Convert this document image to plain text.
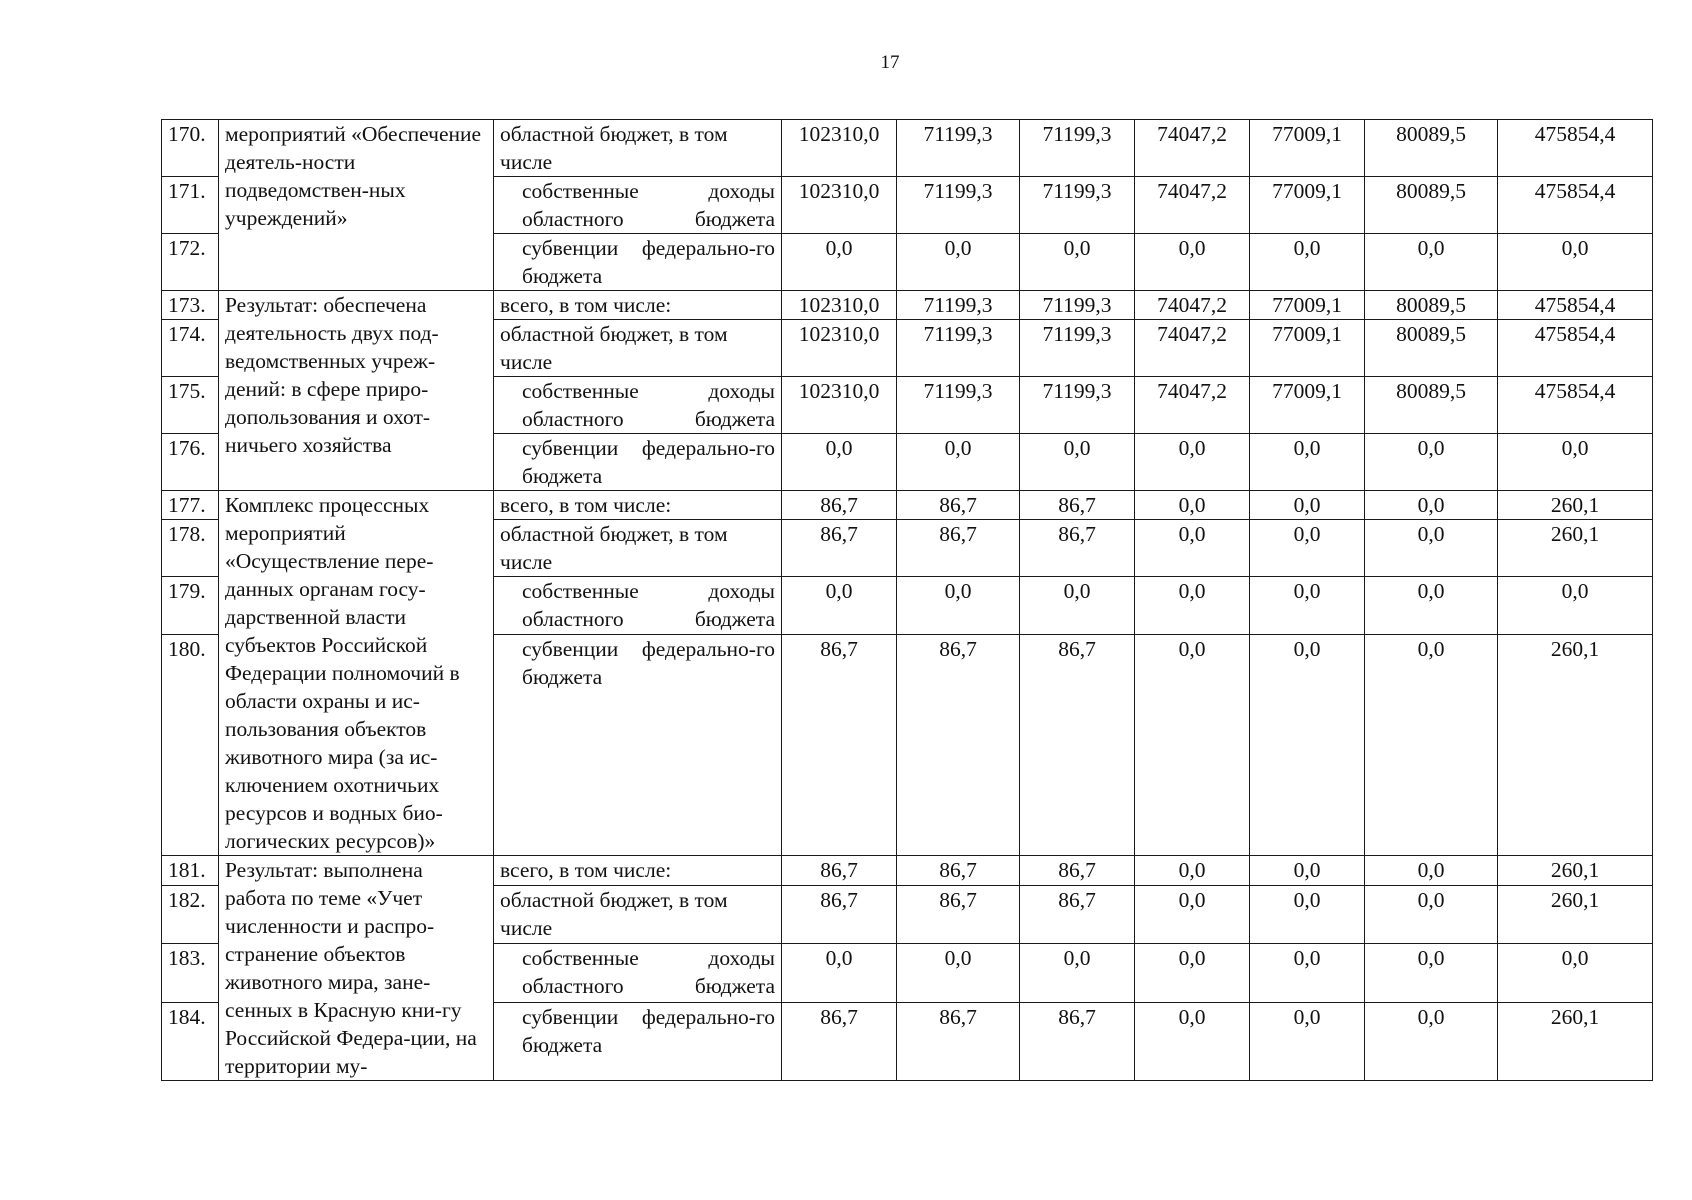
17
170.	мероприятий «Обеспечение деятель-ности подведомствен-ных учреждений»	областной бюджет, в том числе	102310,0	71199,3	71199,3	74047,2	77009,1	80089,5	475854,4
171.		собственные доходы областного бюджета	102310,0	71199,3	71199,3	74047,2	77009,1	80089,5	475854,4
172.		субвенции федерально-го бюджета	0,0	0,0	0,0	0,0	0,0	0,0	0,0
173.	Результат: обеспечена деятельность двух под-ведомственных учреж-дений: в сфере приро-допользования и охот-ничьего хозяйства	всего, в том числе:	102310,0	71199,3	71199,3	74047,2	77009,1	80089,5	475854,4
174.		областной бюджет, в том числе	102310,0	71199,3	71199,3	74047,2	77009,1	80089,5	475854,4
175.		собственные доходы областного бюджета	102310,0	71199,3	71199,3	74047,2	77009,1	80089,5	475854,4
176.		субвенции федерально-го бюджета	0,0	0,0	0,0	0,0	0,0	0,0	0,0
177.	Комплекс процессных мероприятий «Осуществление пере-данных органам госу-дарственной власти субъектов Российской Федерации полномочий в области охраны и ис-пользования объектов животного мира (за ис-ключением охотничьих ресурсов и водных био-логических ресурсов)»	всего, в том числе:	86,7	86,7	86,7	0,0	0,0	0,0	260,1
178.		областной бюджет, в том числе	86,7	86,7	86,7	0,0	0,0	0,0	260,1
179.		собственные доходы областного бюджета	0,0	0,0	0,0	0,0	0,0	0,0	0,0
180.		субвенции федерально-го бюджета	86,7	86,7	86,7	0,0	0,0	0,0	260,1
181.	Результат: выполнена работа по теме «Учет численности и распро-странение объектов животного мира, зане-сенных в Красную кни-гу Российской Федера-ции, на территории му-	всего, в том числе:	86,7	86,7	86,7	0,0	0,0	0,0	260,1
182.		областной бюджет, в том числе	86,7	86,7	86,7	0,0	0,0	0,0	260,1
183.		собственные доходы областного бюджета	0,0	0,0	0,0	0,0	0,0	0,0	0,0
184.		субвенции федерально-го бюджета	86,7	86,7	86,7	0,0	0,0	0,0	260,1
